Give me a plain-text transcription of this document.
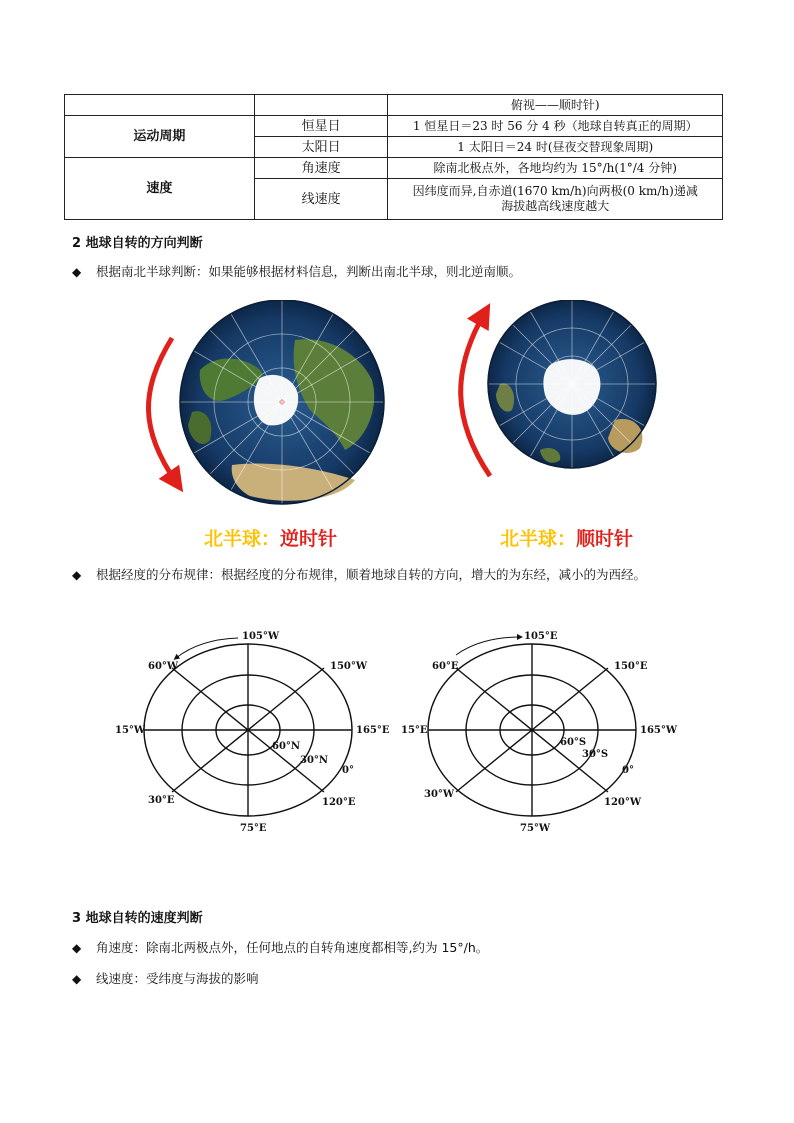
		俯视——顺时针)
运动周期	恒星日	1 恒星日＝23 时 56 分 4 秒（地球自转真正的周期）
	太阳日	1 太阳日＝24 时(昼夜交替现象周期)
速度	角速度	除南北极点外，各地均约为 15°/h(1°/4 分钟)
	线速度	因纬度而异,自赤道(1670 km/h)向两极(0 km/h)递减
海拔越高线速度越大
2 地球自转的方向判断
◆ 根据南北半球判断：如果能够根据材料信息，判断出南北半球，则北逆南顺。
北半球：逆时针	北半球：顺时针
◆ 根据经度的分布规律：根据经度的分布规律，顺着地球自转的方向，增大的为东经，减小的为西经。
105°W
60°W	150°W
15°W	165°E
60°N
30°N
0°
30°E	120°E
75°E
105°E
60°E	150°E
15°E	165°W
60°S
30°S
0°
30°W
120°W
75°W
3 地球自转的速度判断
◆ 角速度：除南北两极点外，任何地点的自转角速度都相等,约为 15°/h。
◆ 线速度：受纬度与海拔的影响
